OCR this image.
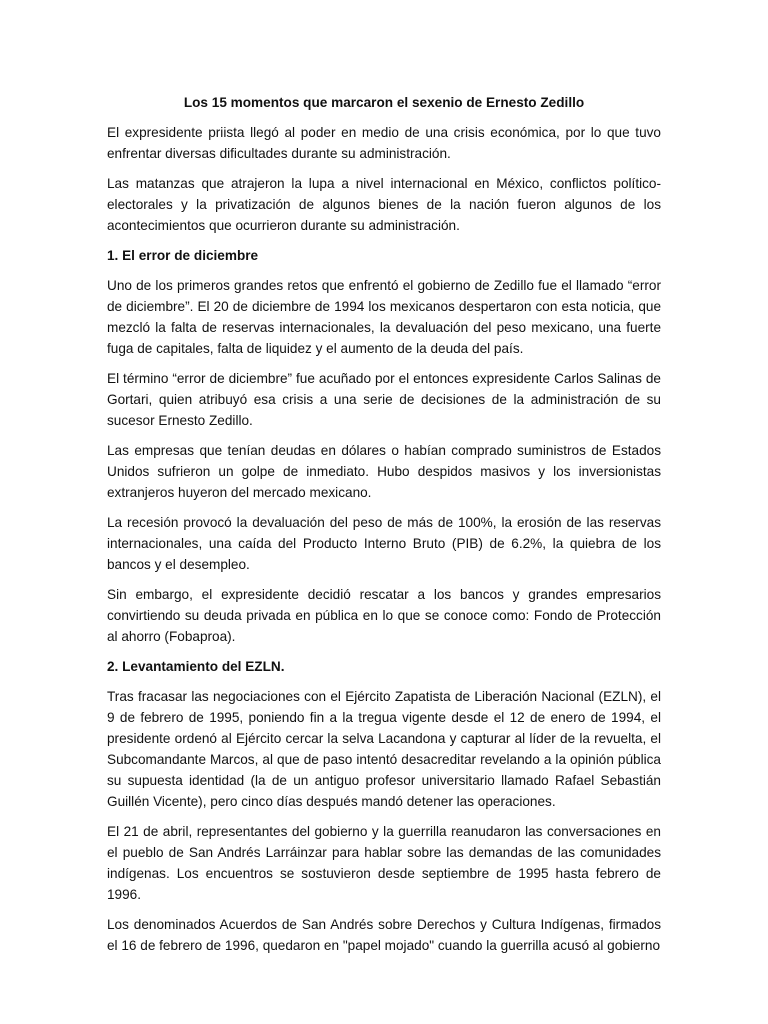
Los 15 momentos que marcaron el sexenio de Ernesto Zedillo

El expresidente priista llegó al poder en medio de una crisis económica, por lo que tuvo enfrentar diversas dificultades durante su administración.

Las matanzas que atrajeron la lupa a nivel internacional en México, conflictos político-electorales y la privatización de algunos bienes de la nación fueron algunos de los acontecimientos que ocurrieron durante su administración.

1. El error de diciembre

Uno de los primeros grandes retos que enfrentó el gobierno de Zedillo fue el llamado “error de diciembre”. El 20 de diciembre de 1994 los mexicanos despertaron con esta noticia, que mezcló la falta de reservas internacionales, la devaluación del peso mexicano, una fuerte fuga de capitales, falta de liquidez y el aumento de la deuda del país.

El término “error de diciembre” fue acuñado por el entonces expresidente Carlos Salinas de Gortari, quien atribuyó esa crisis a una serie de decisiones de la administración de su sucesor Ernesto Zedillo.

Las empresas que tenían deudas en dólares o habían comprado suministros de Estados Unidos sufrieron un golpe de inmediato. Hubo despidos masivos y los inversionistas extranjeros huyeron del mercado mexicano.

La recesión provocó la devaluación del peso de más de 100%, la erosión de las reservas internacionales, una caída del Producto Interno Bruto (PIB) de 6.2%, la quiebra de los bancos y el desempleo.

Sin embargo, el expresidente decidió rescatar a los bancos y grandes empresarios convirtiendo su deuda privada en pública en lo que se conoce como: Fondo de Protección al ahorro (Fobaproa).

2. Levantamiento del EZLN.

Tras fracasar las negociaciones con el Ejército Zapatista de Liberación Nacional (EZLN), el 9 de febrero de 1995, poniendo fin a la tregua vigente desde el 12 de enero de 1994, el presidente ordenó al Ejército cercar la selva Lacandona y capturar al líder de la revuelta, el Subcomandante Marcos, al que de paso intentó desacreditar revelando a la opinión pública su supuesta identidad (la de un antiguo profesor universitario llamado Rafael Sebastián Guillén Vicente), pero cinco días después mandó detener las operaciones.

El 21 de abril, representantes del gobierno y la guerrilla reanudaron las conversaciones en el pueblo de San Andrés Larráinzar para hablar sobre las demandas de las comunidades indígenas. Los encuentros se sostuvieron desde septiembre de 1995 hasta febrero de 1996.

Los denominados Acuerdos de San Andrés sobre Derechos y Cultura Indígenas, firmados el 16 de febrero de 1996, quedaron en "papel mojado" cuando la guerrilla acusó al gobierno
